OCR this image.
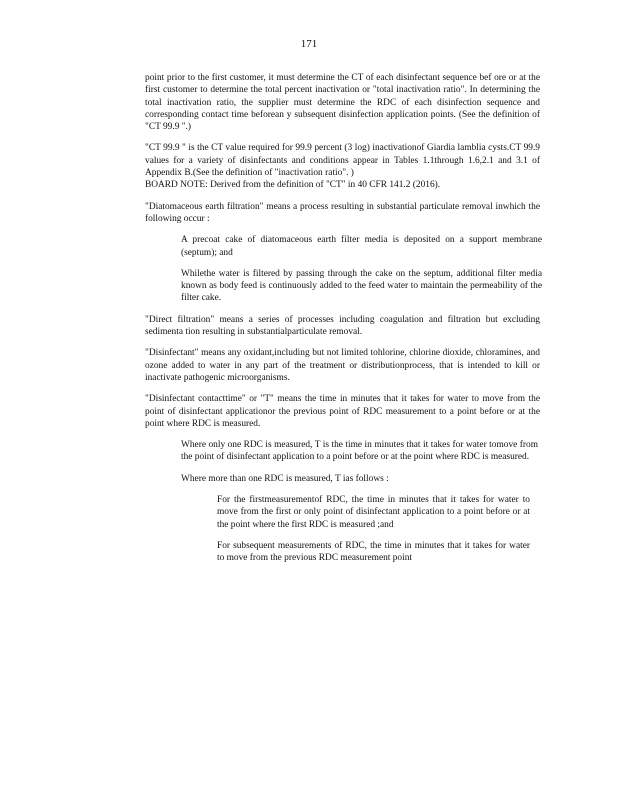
171

point prior to the first customer, it must determine the CT of each disinfectant sequence bef ore or at the first customer to determine the total percent inactivation or "total inactivation ratio". In determining the total inactivation ratio, the supplier must determine the RDC of each disinfection sequence and corresponding contact time beforean y subsequent disinfection application points. (See the definition of "CT 99.9 ".)

"CT 99.9 " is the CT value required for 99.9 percent (3 log) inactivationof Giardia lamblia cysts.CT 99.9 values for a variety of disinfectants and conditions appear in Tables 1.1through 1.6,2.1 and 3.1 of Appendix B.(See the definition of "inactivation ratio". )

BOARD NOTE: Derived from the definition of "CT" in 40 CFR 141.2 (2016).

"Diatomaceous earth filtration" means a process resulting in substantial particulate removal inwhich the following occur :

A precoat cake of diatomaceous earth filter media is deposited on a support membrane (septum); and

Whilethe water is filtered by passing through the cake on the septum, additional filter media known as body feed is continuously added to the feed water to maintain the permeability of the filter cake.

"Direct filtration" means a series of processes including coagulation and filtration but excluding sedimenta tion resulting in substantialparticulate removal.

"Disinfectant" means any oxidant,including but not limited tohlorine, chlorine dioxide, chloramines, and ozone added to water in any part of the treatment or distributionprocess, that is intended to kill or inactivate pathogenic microorganisms.

"Disinfectant contacttime" or "T" means the time in minutes that it takes for water to move from the point of disinfectant applicationor the previous point of RDC measurement to a point before or at the point where RDC is measured.

Where only one RDC is measured, T is the time in minutes that it takes for water tomove from the point of disinfectant application to a point before or at the point where RDC is measured.

Where more than one RDC is measured, T ias follows :

For the firstmeasurementof RDC, the time in minutes that it takes for water to move from the first or only point of disinfectant application to a point before or at the point where the first RDC is measured ;and

For subsequent measurements of RDC, the time in minutes that it takes for water to move from the previous RDC measurement point
